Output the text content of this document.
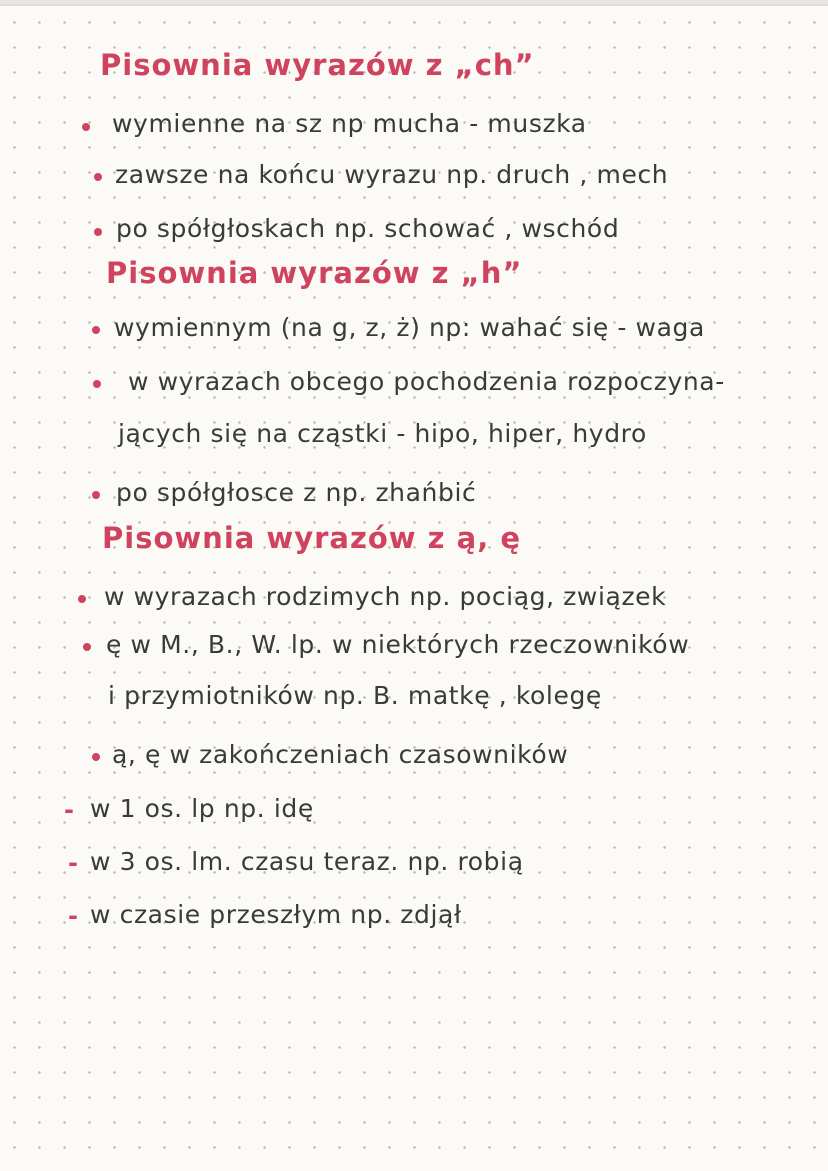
Pisownia wyrazów z „ch”
wymienne na sz np mucha - muszka
zawsze na końcu wyrazu np. druch , mech
po spółgłoskach np. schować , wschód
Pisownia wyrazów z „h”
wymiennym (na g, z, ż) np: wahać się - waga
w wyrazach obcego pochodzenia rozpoczyna-
jących się na cząstki - hipo, hiper, hydro
po spółgłosce z np. zhańbić
Pisownia wyrazów z ą, ę
w wyrazach rodzimych np. pociąg, związek
ę w M., B., W. lp. w niektórych rzeczowników
i przymiotników np. B. matkę , kolegę
ą, ę w zakończeniach czasowników
- w 1 os. lp np. idę
- w 3 os. lm. czasu teraz. np. robią
- w czasie przeszłym np. zdjął
